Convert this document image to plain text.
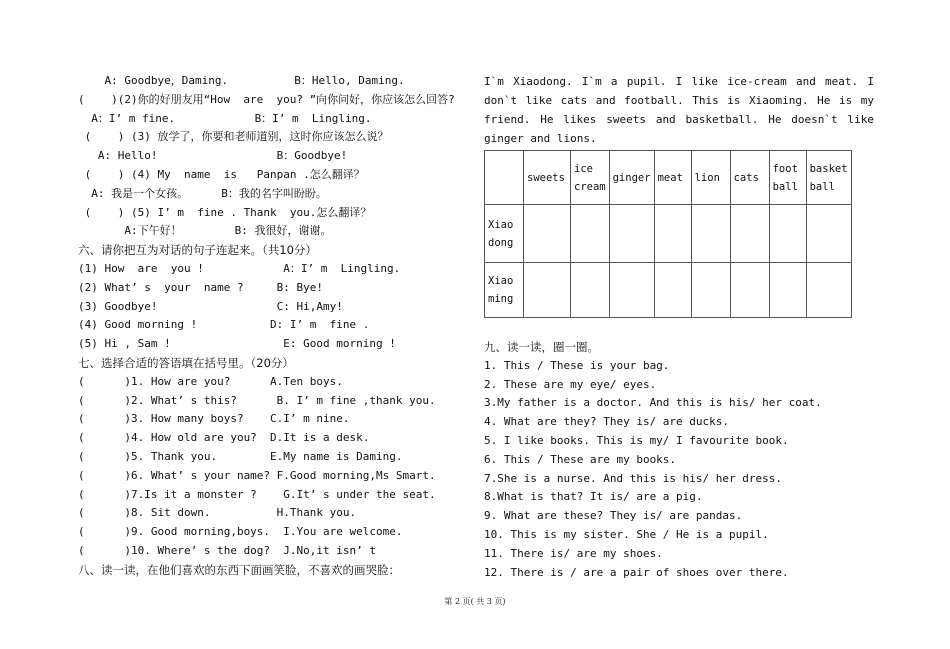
A: Goodbye，Daming.          B：Hello, Daming.
(    )(2)你的好朋友用“How  are  you? ”向你问好，你应该怎么回答?
A：I’ m fine.            B：I’ m  Lingling.
(    ) (3) 放学了，你要和老师道别，这时你应该怎么说？
A: Hello!                  B：Goodbye!
(    ) (4) My  name  is   Panpan .怎么翻译？
A: 我是一个女孩。     B：我的名字叫盼盼。
(    ) (5) I’ m  fine . Thank  you.怎么翻译？
A:下午好！        B: 我很好，谢谢。
六、请你把互为对话的句子连起来。（共10分）
(1) How  are  you !            A：I’ m  Lingling.
(2) What’ s  your  name ?     B: Bye!
(3) Goodbye!                  C: Hi,Amy!
(4) Good morning !           D: I’ m  fine .
(5) Hi , Sam !                 E: Good morning !
七、选择合适的答语填在括号里。（20分）
(      )1. How are you?      A.Ten boys.
(      )2. What’ s this?      B. I’ m fine ,thank you.
(      )3. How many boys?    C.I’ m nine.
(      )4. How old are you?  D.It is a desk.
(      )5. Thank you.        E.My name is Daming.
(      )6. What’ s your name? F.Good morning,Ms Smart.
(      )7.Is it a monster ?    G.It’ s under the seat.
(      )8. Sit down.          H.Thank you.
(      )9. Good morning,boys.  I.You are welcome.
(      )10. Where’ s the dog?  J.No,it isn’ t
八、读一读，在他们喜欢的东西下面画笑脸，不喜欢的画哭脸：
I`m Xiaodong. I`m a pupil. I like ice-cream and meat. I don`t like cats and football. This is Xiaoming. He is my friend. He likes sweets and basketball. He doesn`t like ginger and lions.
	sweets	ice cream	ginger	meat	lion	cats	foot ball	basket ball
Xiao dong								
Xiao ming								
九、读一读，圈一圈。
1. This / These is your bag.
2. These are my eye/ eyes.
3.My father is a doctor. And this is his/ her coat.
4. What are they? They is/ are ducks.
5. I like books. This is my/ I favourite book.
6. This / These are my books.
7.She is a nurse. And this is his/ her dress.
8.What is that? It is/ are a pig.
9. What are these? They is/ are pandas.
10. This is my sister. She / He is a pupil.
11. There is/ are my shoes.
12. There is / are a pair of shoes over there.
第 2 页( 共 3 页)
